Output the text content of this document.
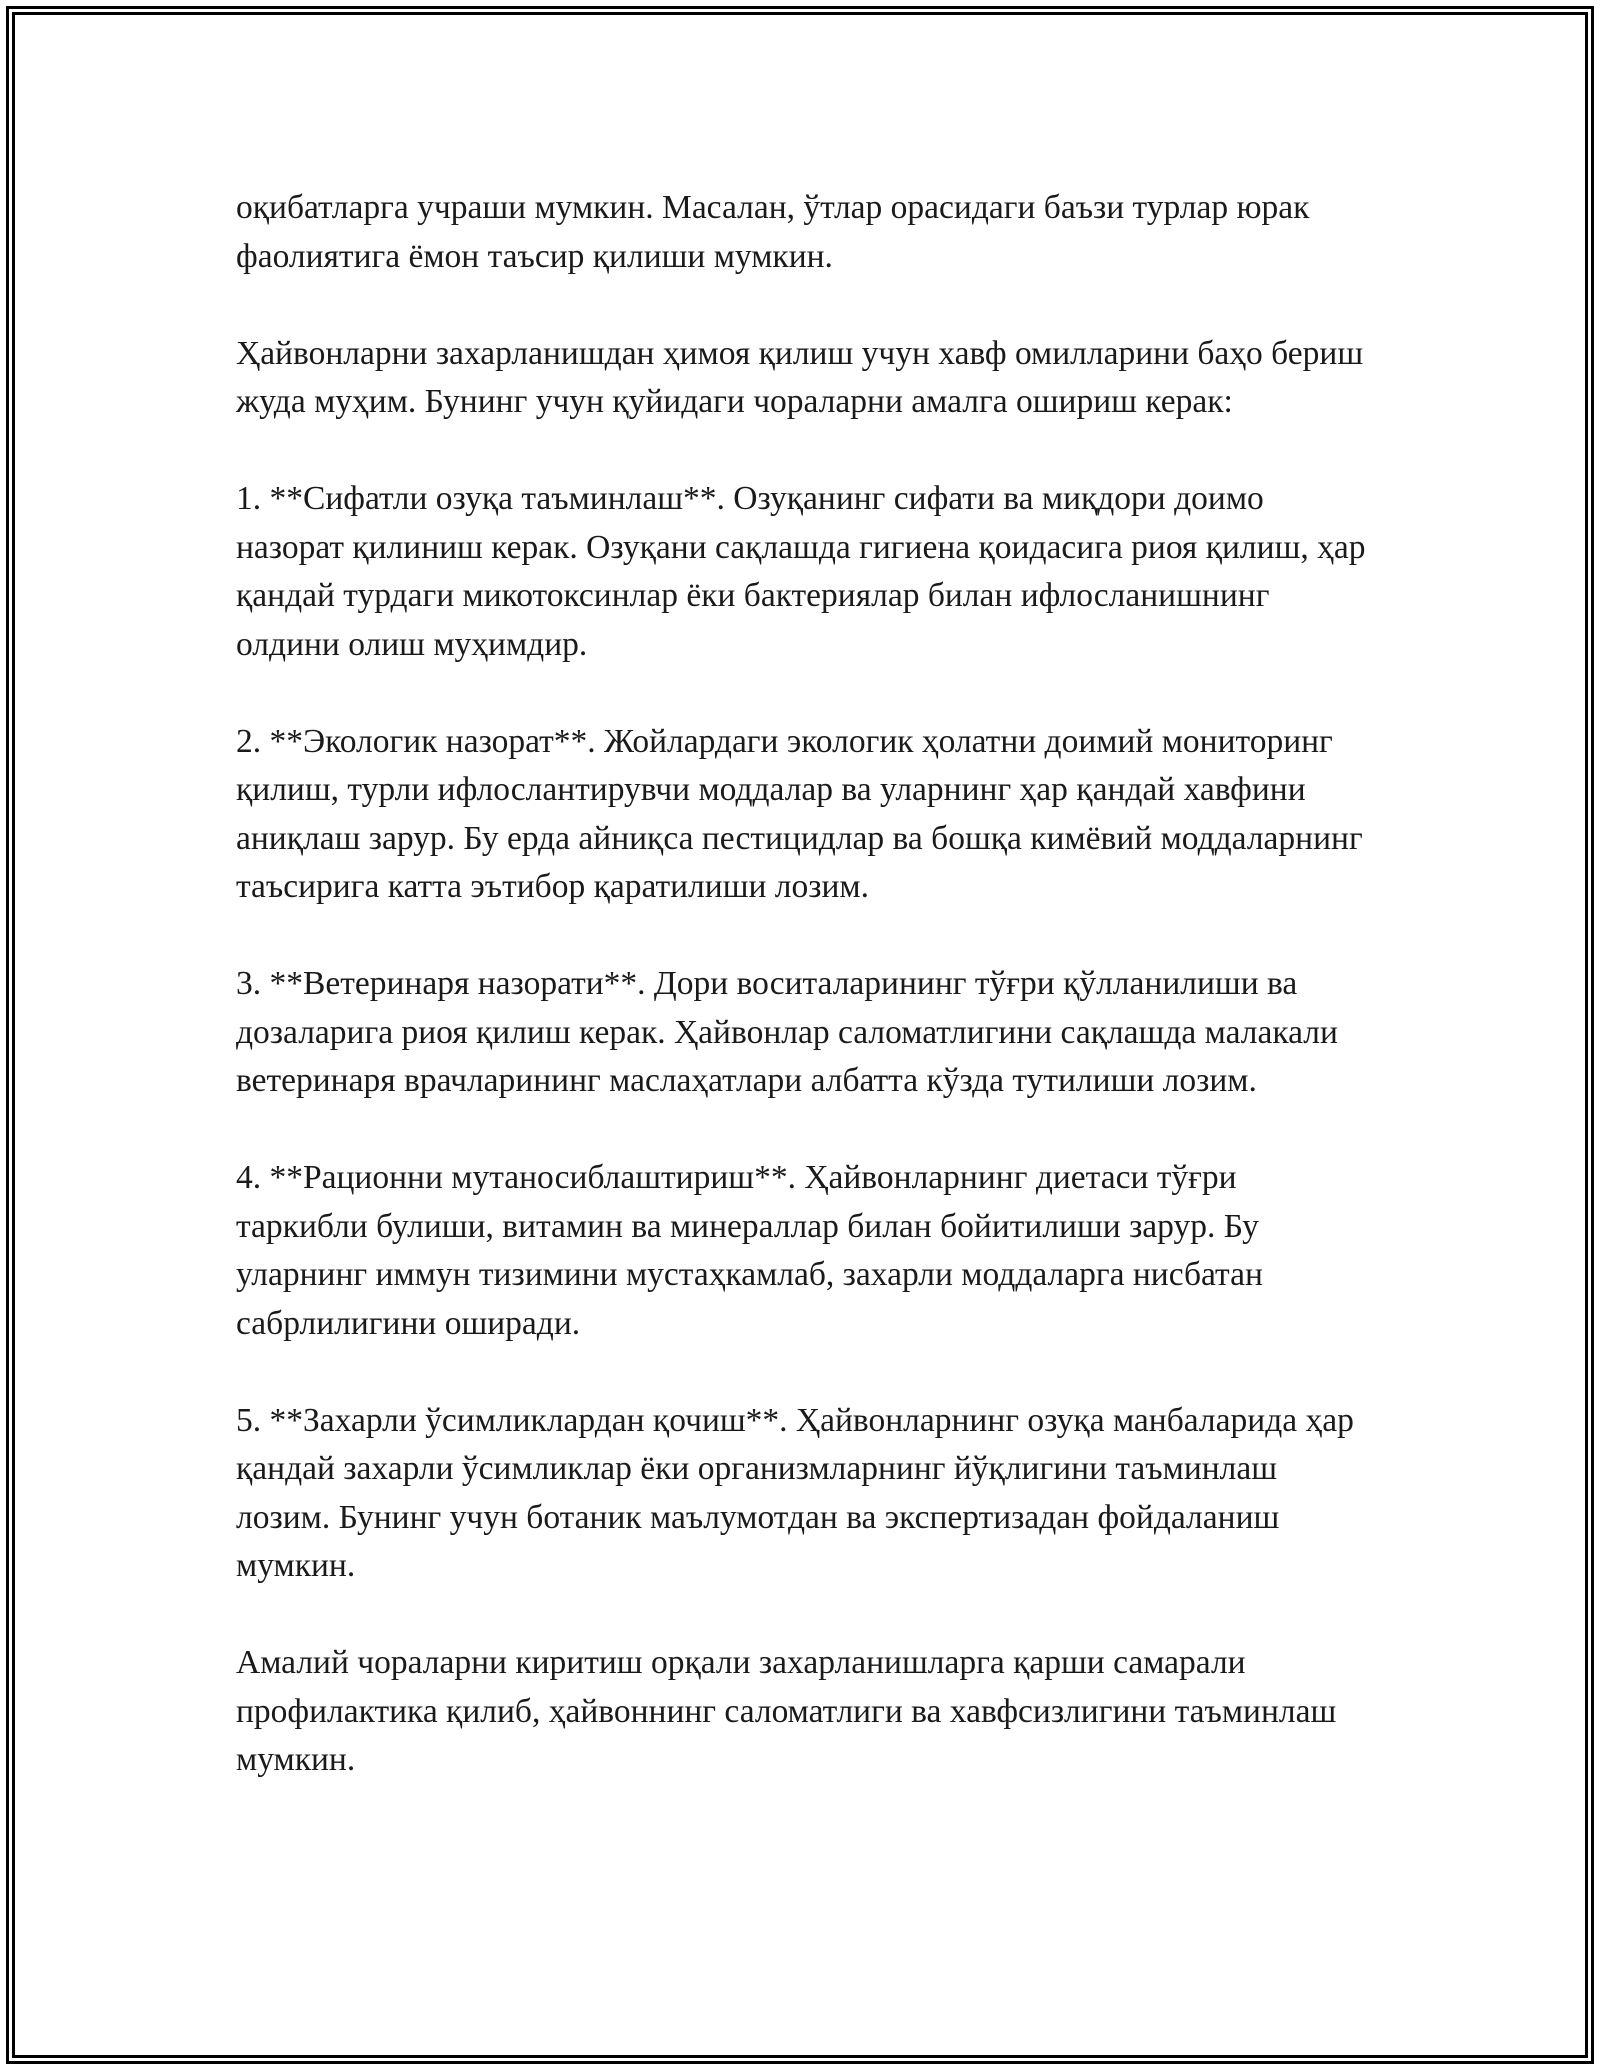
оқибатларга учраши мумкин. Масалан, ўтлар орасидаги баъзи турлар юрак фаолиятига ёмон таъсир қилиши мумкин.

Ҳайвонларни захарланишдан ҳимоя қилиш учун хавф омилларини баҳо бериш жуда муҳим. Бунинг учун қуйидаги чораларни амалга ошириш керак:

1. **Сифатли озуқа таъминлаш**. Озуқанинг сифати ва миқдори доимо назорат қилиниш керак. Озуқани сақлашда гигиена қоидасига риоя қилиш, ҳар қандай турдаги микотоксинлар ёки бактериялар билан ифлосланишнинг олдини олиш муҳимдир.

2. **Экологик назорат**. Жойлардаги экологик ҳолатни доимий мониторинг қилиш, турли ифлослантирувчи моддалар ва уларнинг ҳар қандай хавфини аниқлаш зарур. Бу ерда айниқса пестицидлар ва бошқа кимёвий моддаларнинг таъсирига катта эътибор қаратилиши лозим.

3. **Ветеринаря назорати**. Дори воситаларининг тўғри қўлланилиши ва дозаларига риоя қилиш керак. Ҳайвонлар саломатлигини сақлашда малакали ветеринаря врачларининг маслаҳатлари албатта кўзда тутилиши лозим.

4. **Рационни мутаносиблаштириш**. Ҳайвонларнинг диетаси тўғри таркибли булиши, витамин ва минераллар билан бойитилиши зарур. Бу уларнинг иммун тизимини мустаҳкамлаб, захарли моддаларга нисбатан сабрлилигини оширади.

5. **Захарли ўсимликлардан қочиш**. Ҳайвонларнинг озуқа манбаларида ҳар қандай захарли ўсимликлар ёки организмларнинг йўқлигини таъминлаш лозим. Бунинг учун ботаник маълумотдан ва экспертизадан фойдаланиш мумкин.

Амалий чораларни киритиш орқали захарланишларга қарши самарали профилактика қилиб, ҳайвоннинг саломатлиги ва хавфсизлигини таъминлаш мумкин.
